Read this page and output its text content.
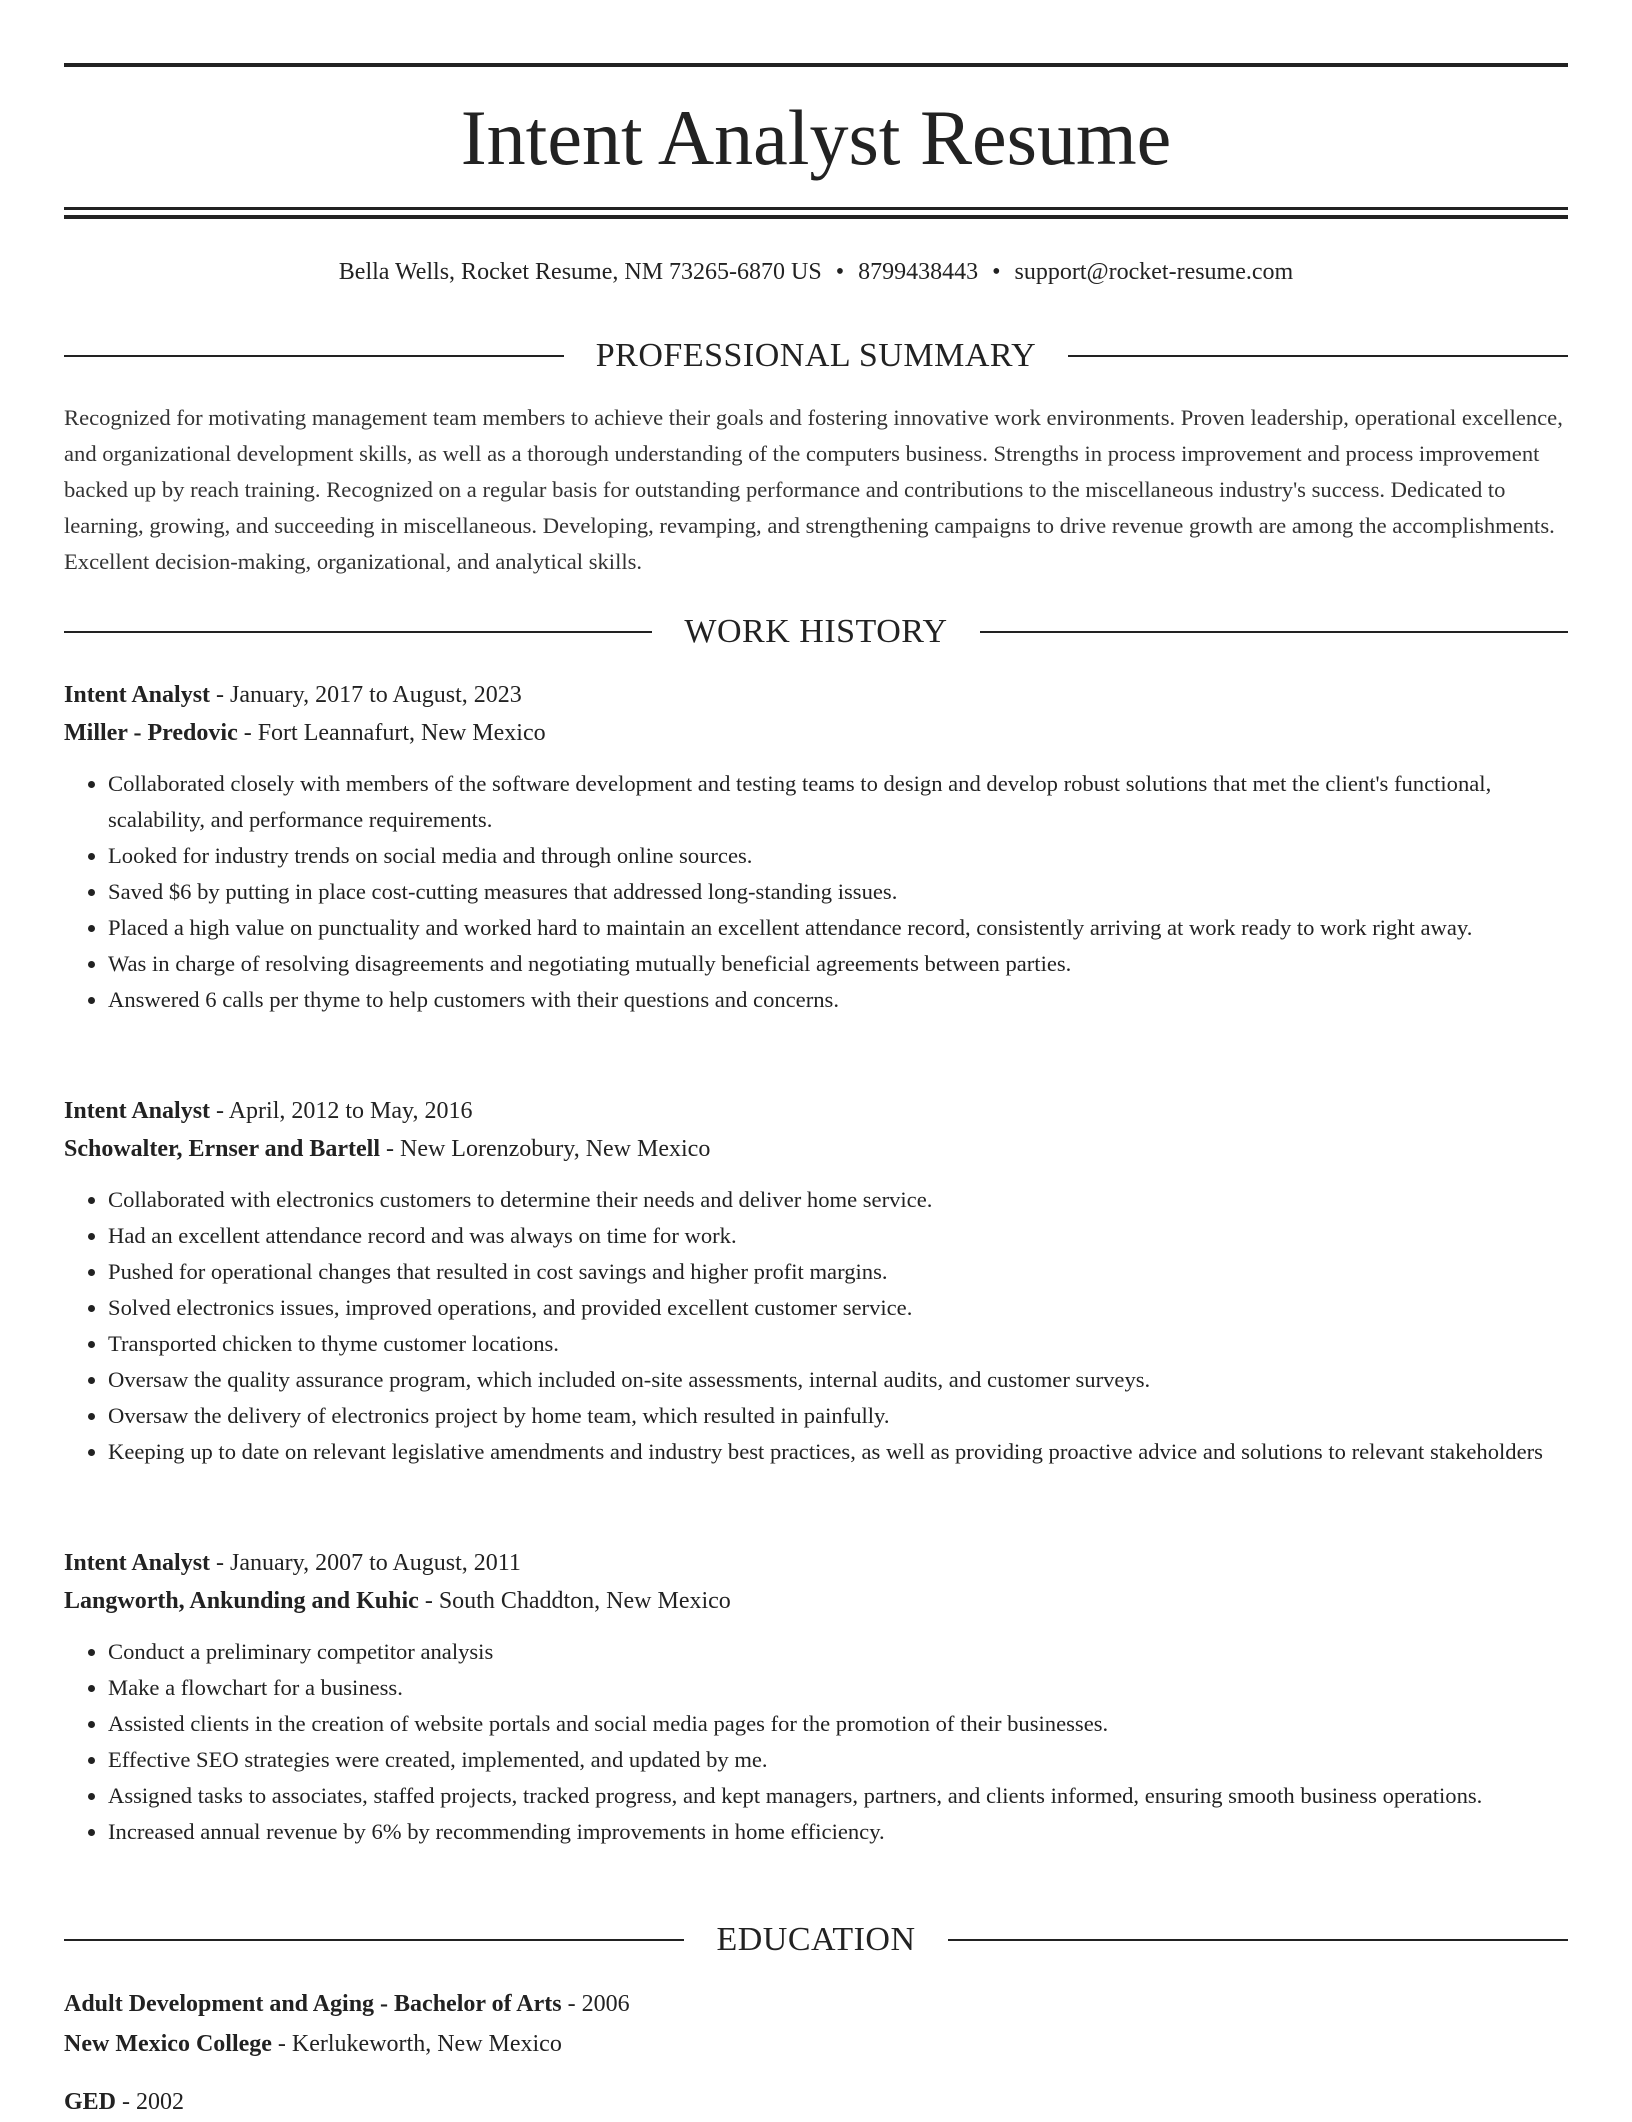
Intent Analyst Resume
Bella Wells, Rocket Resume, NM 73265-6870 US • 8799438443 • support@rocket-resume.com
PROFESSIONAL SUMMARY

Recognized for motivating management team members to achieve their goals and fostering innovative work environments. Proven leadership, operational excellence, and organizational development skills, as well as a thorough understanding of the computers business. Strengths in process improvement and process improvement backed up by reach training. Recognized on a regular basis for outstanding performance and contributions to the miscellaneous industry's success. Dedicated to learning, growing, and succeeding in miscellaneous. Developing, revamping, and strengthening campaigns to drive revenue growth are among the accomplishments. Excellent decision-making, organizational, and analytical skills.

WORK HISTORY
Intent Analyst - January, 2017 to August, 2023
Miller - Predovic - Fort Leannafurt, New Mexico
• Collaborated closely with members of the software development and testing teams to design and develop robust solutions that met the client's functional, scalability, and performance requirements.
• Looked for industry trends on social media and through online sources.
• Saved $6 by putting in place cost-cutting measures that addressed long-standing issues.
• Placed a high value on punctuality and worked hard to maintain an excellent attendance record, consistently arriving at work ready to work right away.
• Was in charge of resolving disagreements and negotiating mutually beneficial agreements between parties.
• Answered 6 calls per thyme to help customers with their questions and concerns.
Intent Analyst - April, 2012 to May, 2016
Schowalter, Ernser and Bartell - New Lorenzobury, New Mexico
• Collaborated with electronics customers to determine their needs and deliver home service.
• Had an excellent attendance record and was always on time for work.
• Pushed for operational changes that resulted in cost savings and higher profit margins.
• Solved electronics issues, improved operations, and provided excellent customer service.
• Transported chicken to thyme customer locations.
• Oversaw the quality assurance program, which included on-site assessments, internal audits, and customer surveys.
• Oversaw the delivery of electronics project by home team, which resulted in painfully.
• Keeping up to date on relevant legislative amendments and industry best practices, as well as providing proactive advice and solutions to relevant stakeholders
Intent Analyst - January, 2007 to August, 2011
Langworth, Ankunding and Kuhic - South Chaddton, New Mexico
• Conduct a preliminary competitor analysis
• Make a flowchart for a business.
• Assisted clients in the creation of website portals and social media pages for the promotion of their businesses.
• Effective SEO strategies were created, implemented, and updated by me.
• Assigned tasks to associates, staffed projects, tracked progress, and kept managers, partners, and clients informed, ensuring smooth business operations.
• Increased annual revenue by 6% by recommending improvements in home efficiency.
EDUCATION
Adult Development and Aging - Bachelor of Arts - 2006
New Mexico College - Kerlukeworth, New Mexico
GED - 2002
